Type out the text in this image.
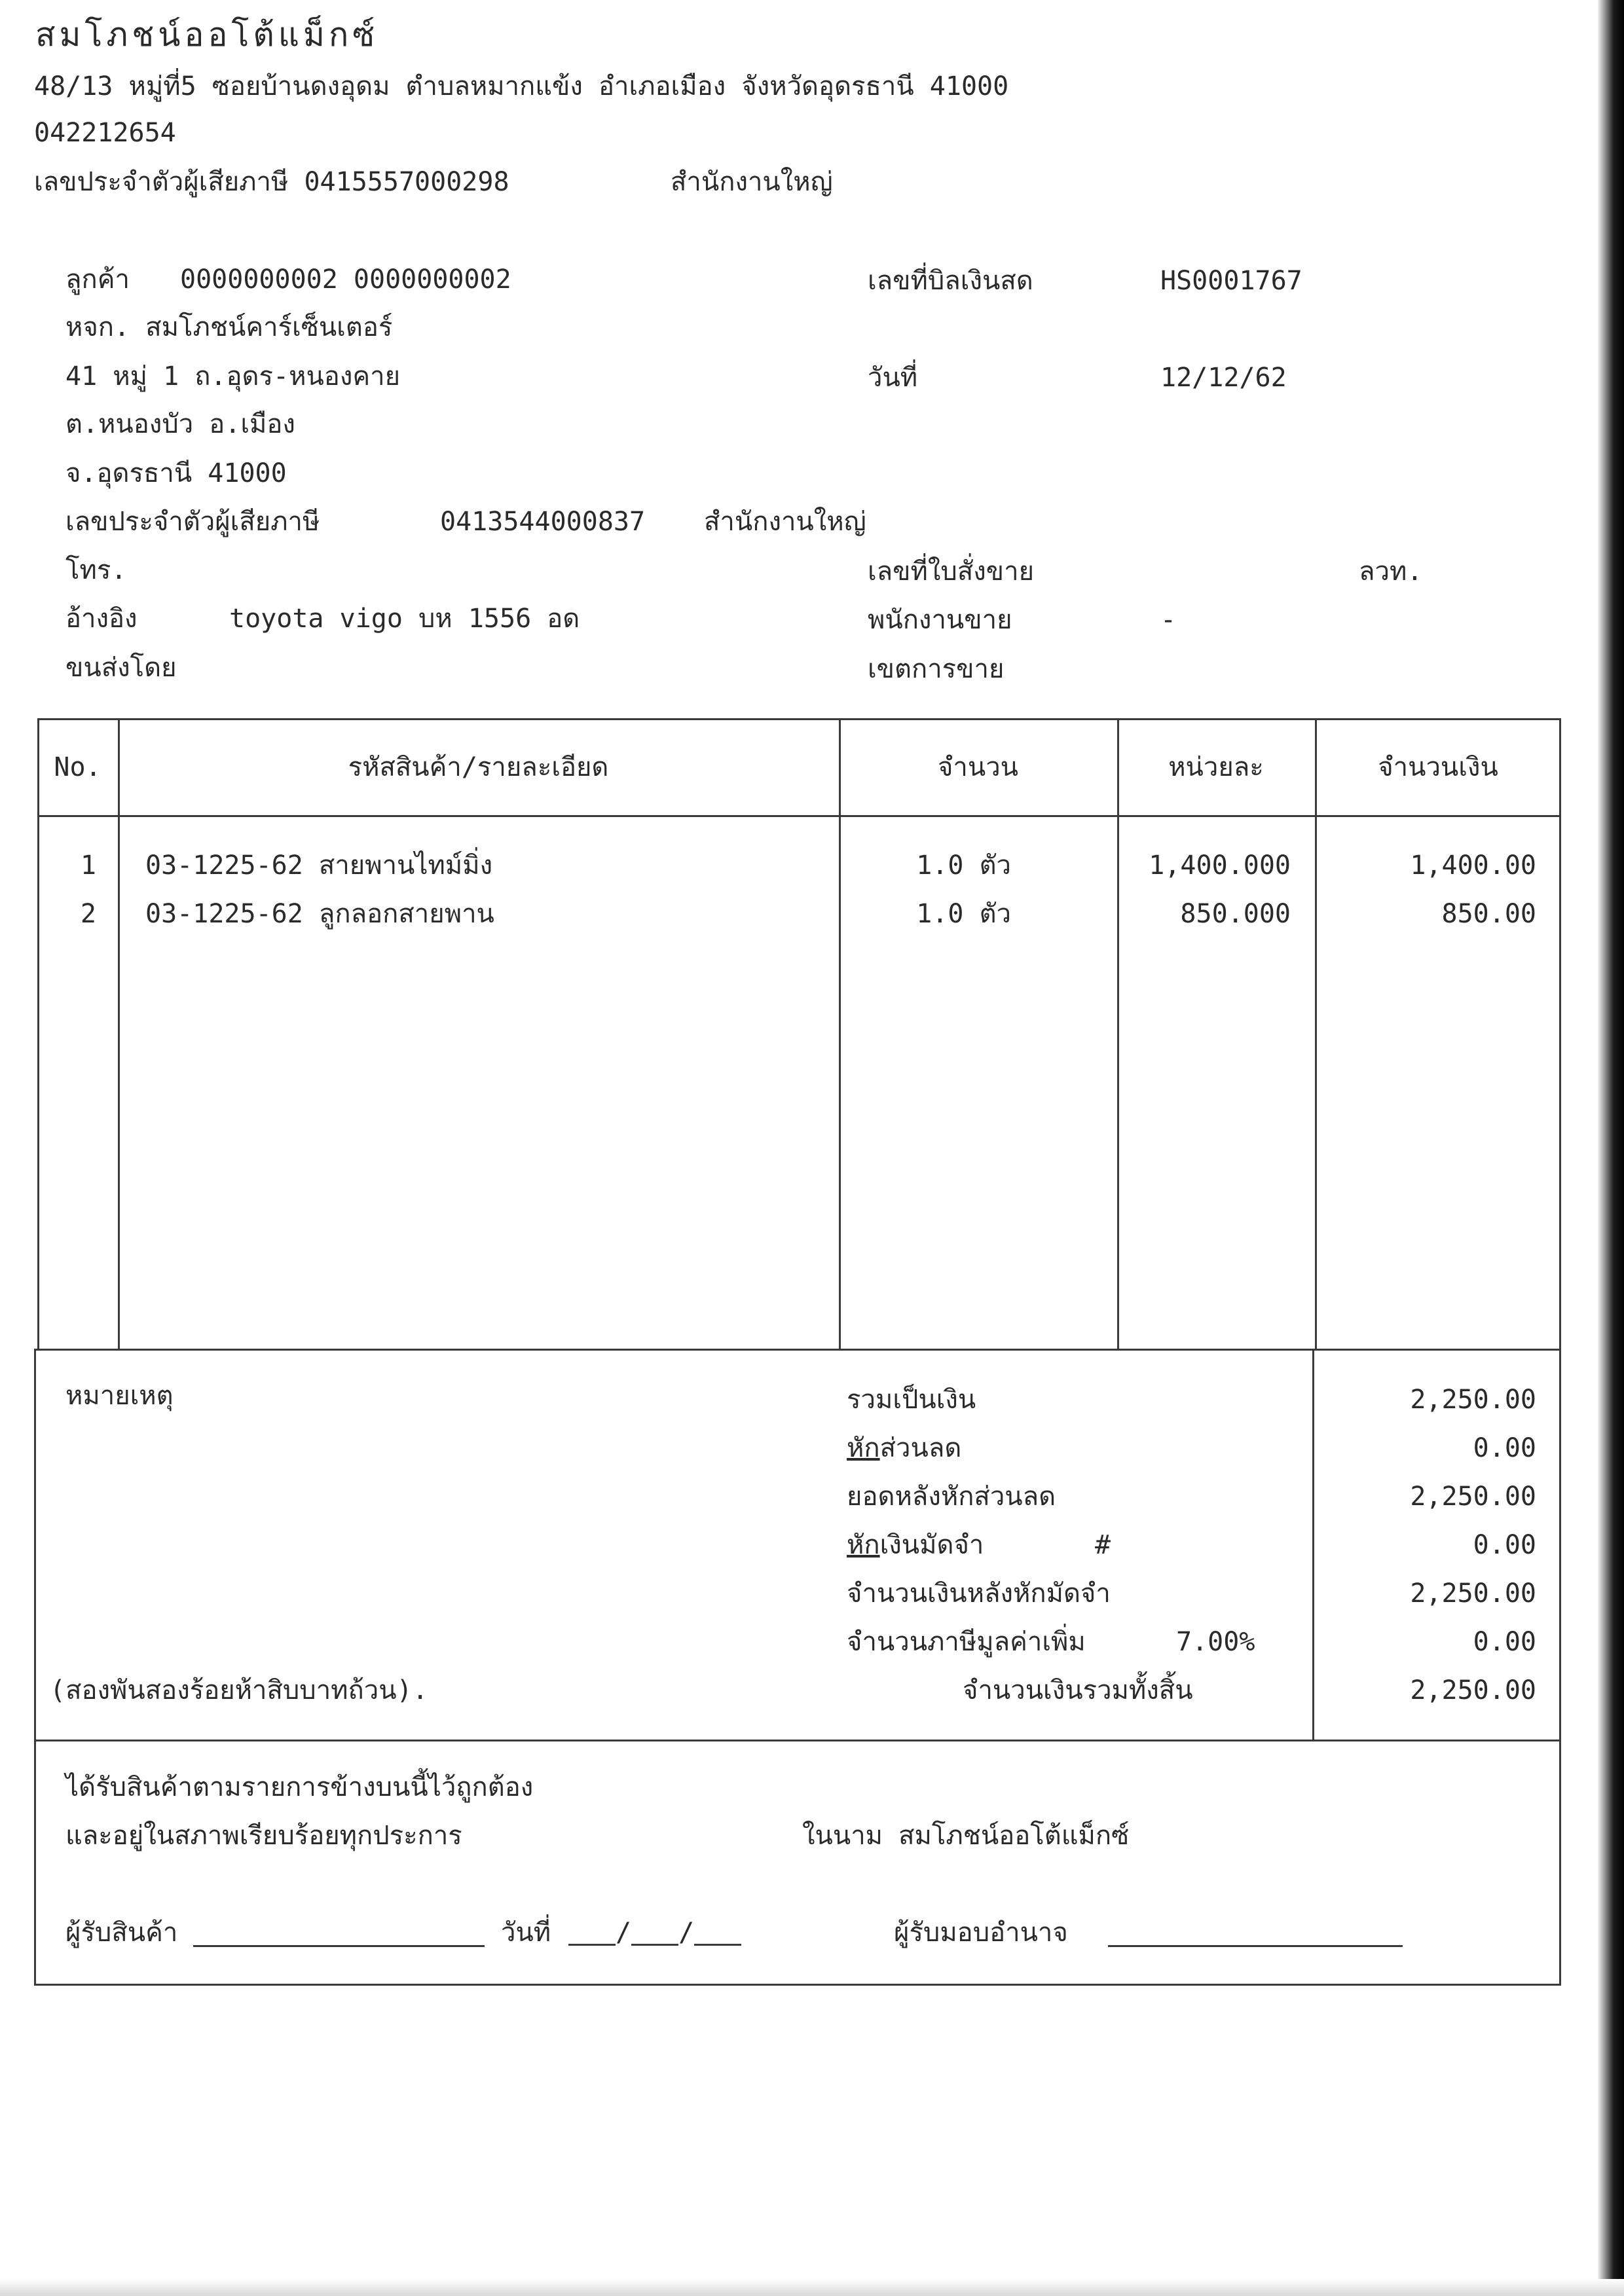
สมโภชน์ออโต้แม็กซ์
48/13 หมู่ที่5 ซอยบ้านดงอุดม ตำบลหมากแข้ง อำเภอเมือง จังหวัดอุดรธานี 41000
042212654
เลขประจำตัวผู้เสียภาษี 0415557000298	สำนักงานใหญ่
ลูกค้า 0000000002 0000000002
หจก. สมโภชน์คาร์เซ็นเตอร์
41 หมู่ 1 ถ.อุดร-หนองคาย
ต.หนองบัว อ.เมือง
จ.อุดรธานี 41000
เลขประจำตัวผู้เสียภาษี	0413544000837 สำนักงานใหญ่
โทร.
อ้างอิง	toyota vigo บห 1556 อด
ขนส่งโดย
เลขที่บิลเงินสด	HS0001767
วันที่	12/12/62
เลขที่ใบสั่งขาย	ลวท.
พนักงานขาย	-
เขตการขาย
No.	รหัสสินค้า/รายละเอียด	จำนวน	หน่วยละ	จำนวนเงิน
1 03-1225-62 สายพานไทม์มิ่ง	1.0 ตัว	1,400.000	1,400.00
2 03-1225-62 ลูกลอกสายพาน	1.0 ตัว	850.000	850.00
หมายเหตุ	รวมเป็นเงิน	2,250.00
หักส่วนลด	0.00
ยอดหลังหักส่วนลด	2,250.00
หักเงินมัดจำ	#	0.00
จำนวนเงินหลังหักมัดจำ	2,250.00
จำนวนภาษีมูลค่าเพิ่ม	7.00%	0.00
(สองพันสองร้อยห้าสิบบาทถ้วน).	จำนวนเงินรวมทั้งสิ้น	2,250.00
ได้รับสินค้าตามรายการข้างบนนี้ไว้ถูกต้อง
และอยู่ในสภาพเรียบร้อยทุกประการ	ในนาม สมโภชน์ออโต้แม็กซ์
ผู้รับสินค้า	วันที่	/ /	ผู้รับมอบอำนาจ
